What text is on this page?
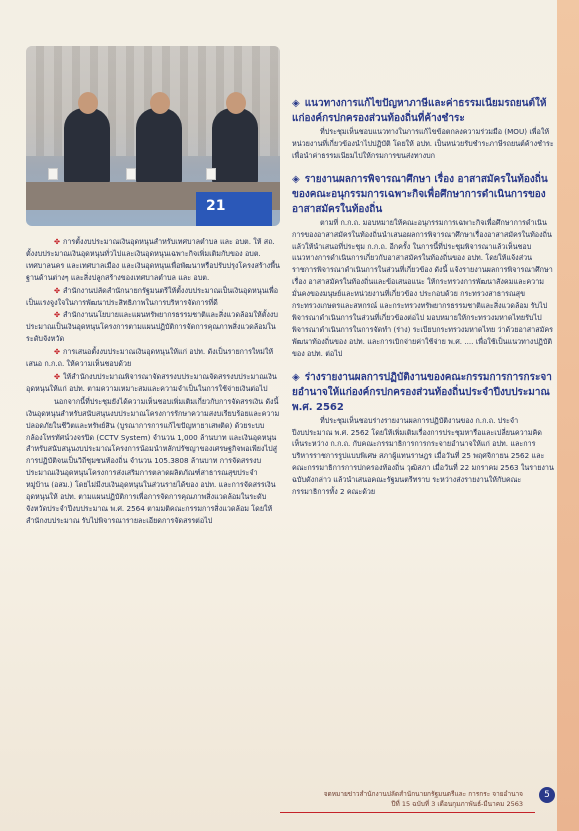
21
✤ การตั้งงบประมาณเงินอุดหนุนสำหรับเทศบาลตำบล และ อบต. ให้ สถ. ตั้งงบประมาณเงินอุดหนุนทั่วไปและเงินอุดหนุนเฉพาะกิจเพิ่มเติมกับของ อบต. เทศบาลนคร และเทศบาลเมือง และเงินอุดหนุนเพื่อพัฒนาหรือปรับปรุงโครงสร้างพื้นฐานด้านต่างๆ และสิ่งปลูกสร้างของเทศบาลตำบล และ อบต.
✤ สำนักงานปลัดสำนักนายกรัฐมนตรีให้ตั้งงบประมาณเป็นเงินอุดหนุนเพื่อเป็นแรงจูงใจในการพัฒนาประสิทธิภาพในการบริหารจัดการที่ดี
✤ สำนักงานนโยบายและแผนทรัพยากรธรรมชาติและสิ่งแวดล้อมให้ตั้งงบประมาณเป็นเงินอุดหนุนโครงการตามแผนปฏิบัติการจัดการคุณภาพสิ่งแวดล้อมในระดับจังหวัด
✤ การเสนอตั้งงบประมาณเงินอุดหนุนให้แก่ อปท. ดังเป็นรายการใหม่ให้เสนอ ก.ก.ถ. ให้ความเห็นชอบด้วย
✤ ให้สำนักงบประมาณพิจารณาจัดสรรงบประมาณจัดสรรงบประมาณเงินอุดหนุนให้แก่ อปท. ตามความเหมาะสมและความจำเป็นในการใช้จ่ายเงินต่อไป
นอกจากนี้ที่ประชุมยังได้ความเห็นชอบเพิ่มเติมเกี่ยวกับการจัดสรรเงิน ดังนี้ เงินอุดหนุนสำหรับสนับสนุนงบประมาณโครงการรักษาความสงบเรียบร้อยและความปลอดภัยในชีวิตและทรัพย์สิน (บูรณาการการแก้ไขปัญหายาเสพติด) ด้วยระบบกล้องโทรทัศน์วงจรปิด (CCTV System) จำนวน 1,000 ล้านบาท และเงินอุดหนุนสำหรับสนับสนุนงบประมาณโครงการน้อมนำหลักปรัชญาของเศรษฐกิจพอเพียงไปสู่การปฏิบัติจนเป็นวิถีชุมชนท้องถิ่น จำนวน 105.3808 ล้านบาท การจัดสรรงบประมาณเงินอุดหนุนโครงการส่งเสริมการตลาดผลิตภัณฑ์สาธารณสุขประจำหมู่บ้าน (อสม.) โดยไม่มีงบเงินอุดหนุนในส่วนรายได้ของ อปท. และการจัดสรรเงินอุดหนุนให้ อปท. ตามแผนปฏิบัติการเพื่อการจัดการคุณภาพสิ่งแวดล้อมในระดับจังหวัดประจำปีงบประมาณ พ.ศ. 2564 ตามมติคณะกรรมการสิ่งแวดล้อม โดยให้สำนักงบประมาณ รับไปพิจารณารายละเอียดการจัดสรรต่อไป
◈ แนวทางการแก้ไขปัญหาภาษีและค่าธรรมเนียมรถยนต์ให้แก่องค์กรปกครองส่วนท้องถิ่นที่ค้างชำระ
ที่ประชุมเห็นชอบแนวทางในการแก้ไขข้อตกลงความร่วมมือ (MOU) เพื่อให้หน่วยงานที่เกี่ยวข้องนำไปปฏิบัติ โดยให้ อปท. เป็นหน่วยรับชำระภาษีรถยนต์ค้างชำระเพื่อนำค่าธรรมเนียมไปให้กรมการขนส่งทางบก
◈ รายงานผลการพิจารณาศึกษา เรื่อง อาสาสมัครในท้องถิ่นของคณะอนุกรรมการเฉพาะกิจเพื่อศึกษาการดำเนินการของอาสาสมัครในท้องถิ่น
ตามที่ ก.ก.ถ. มอบหมายให้คณะอนุกรรมการเฉพาะกิจเพื่อศึกษาการดำเนินการของอาสาสมัครในท้องถิ่นนำเสนอผลการพิจารณาศึกษาเรื่องอาสาสมัครในท้องถิ่นแล้วให้นำเสนอที่ประชุม ก.ก.ถ. อีกครั้ง ในการนี้ที่ประชุมพิจารณาแล้วเห็นชอบแนวทางการดำเนินการเกี่ยวกับอาสาสมัครในท้องถิ่นของ อปท. โดยให้แจ้งส่วนราชการพิจารณาดำเนินการในส่วนที่เกี่ยวข้อง ดังนี้ แจ้งรายงานผลการพิจารณาศึกษา เรื่อง อาสาสมัครในท้องถิ่นและข้อเสนอแนะ ให้กระทรวงการพัฒนาสังคมและความมั่นคงของมนุษย์และหน่วยงานที่เกี่ยวข้อง ประกอบด้วย กระทรวงสาธารณสุข กระทรวงเกษตรและสหกรณ์ และกระทรวงทรัพยากรธรรมชาติและสิ่งแวดล้อม รับไปพิจารณาดำเนินการในส่วนที่เกี่ยวข้องต่อไป มอบหมายให้กระทรวงมหาดไทยรับไปพิจารณาดำเนินการในการจัดทำ (ร่าง) ระเบียบกระทรวงมหาดไทย ว่าด้วยอาสาสมัครพัฒนาท้องถิ่นของ อปท. และการเบิกจ่ายค่าใช้จ่าย พ.ศ. .... เพื่อใช้เป็นแนวทางปฏิบัติของ อปท. ต่อไป
◈ ร่างรายงานผลการปฏิบัติงานของคณะกรรมการการกระจายอำนาจให้แก่องค์กรปกครองส่วนท้องถิ่นประจำปีงบประมาณ พ.ศ. 2562
ที่ประชุมเห็นชอบร่างรายงานผลการปฏิบัติงานของ ก.ก.ถ. ประจำปีงบประมาณ พ.ศ. 2562 โดยให้เพิ่มเติมเรื่องการประชุมหารือและเปลี่ยนความคิดเห็นระหว่าง ก.ก.ถ. กับคณะกรรมาธิการการกระจายอำนาจให้แก่ อปท. และการบริหารราชการรูปแบบพิเศษ สภาผู้แทนราษฎร เมื่อวันที่ 25 พฤศจิกายน 2562 และคณะกรรมาธิการการปกครองท้องถิ่น วุฒิสภา เมื่อวันที่ 22 มกราคม 2563 ในรายงานฉบับดังกล่าว แล้วนำเสนอคณะรัฐมนตรีทราบ ระหว่างส่งรายงานให้กับคณะกรรมาธิการทั้ง 2 คณะด้วย
จดหมายข่าวสำนักงานปลัดสำนักนายกรัฐมนตรีและ การกระ จายอำนาจ
ปีที่ 15 ฉบับที่ 3 เดือนกุมภาพันธ์-มีนาคม 2563
5
